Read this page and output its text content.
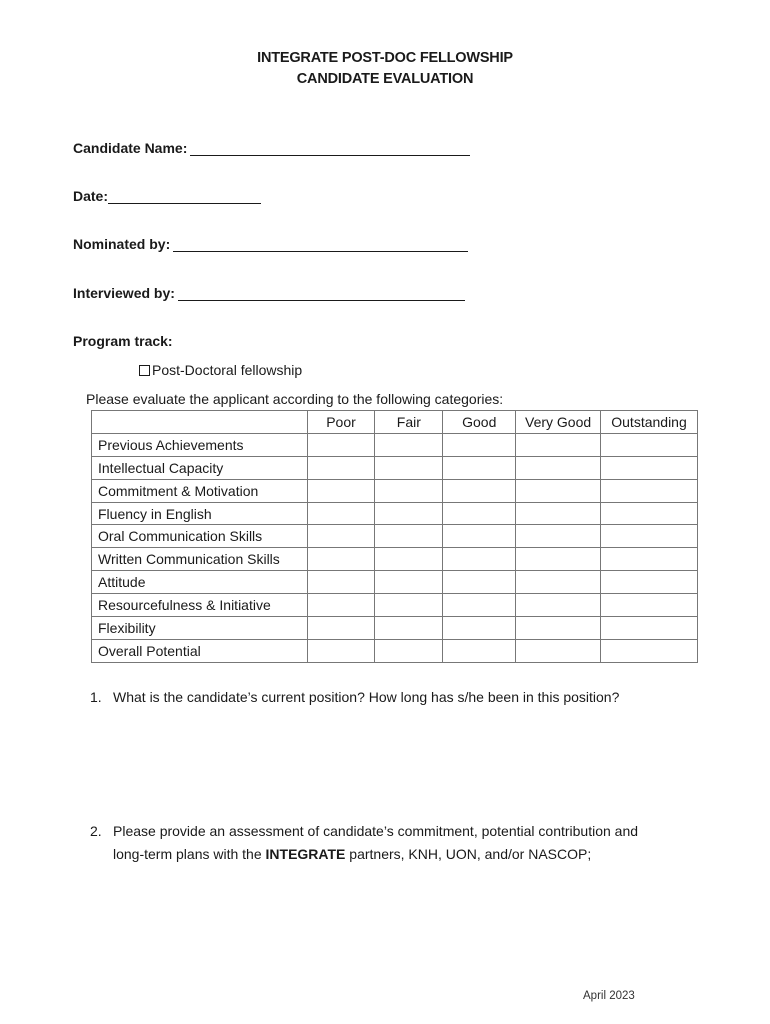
INTEGRATE POST-DOC FELLOWSHIP
CANDIDATE EVALUATION
Candidate Name:
Date:
Nominated by:
Interviewed by:
Program track:
Post-Doctoral fellowship
Please evaluate the applicant according to the following categories:
	Poor	Fair	Good	Very Good	Outstanding
Previous Achievements					
Intellectual Capacity					
Commitment & Motivation					
Fluency in English					
Oral Communication Skills					
Written Communication Skills					
Attitude					
Resourcefulness & Initiative					
Flexibility					
Overall Potential					
1. What is the candidate’s current position? How long has s/he been in this position?
2. Please provide an assessment of candidate’s commitment, potential contribution and long-term plans with the INTEGRATE partners, KNH, UON, and/or NASCOP;
April 2023
